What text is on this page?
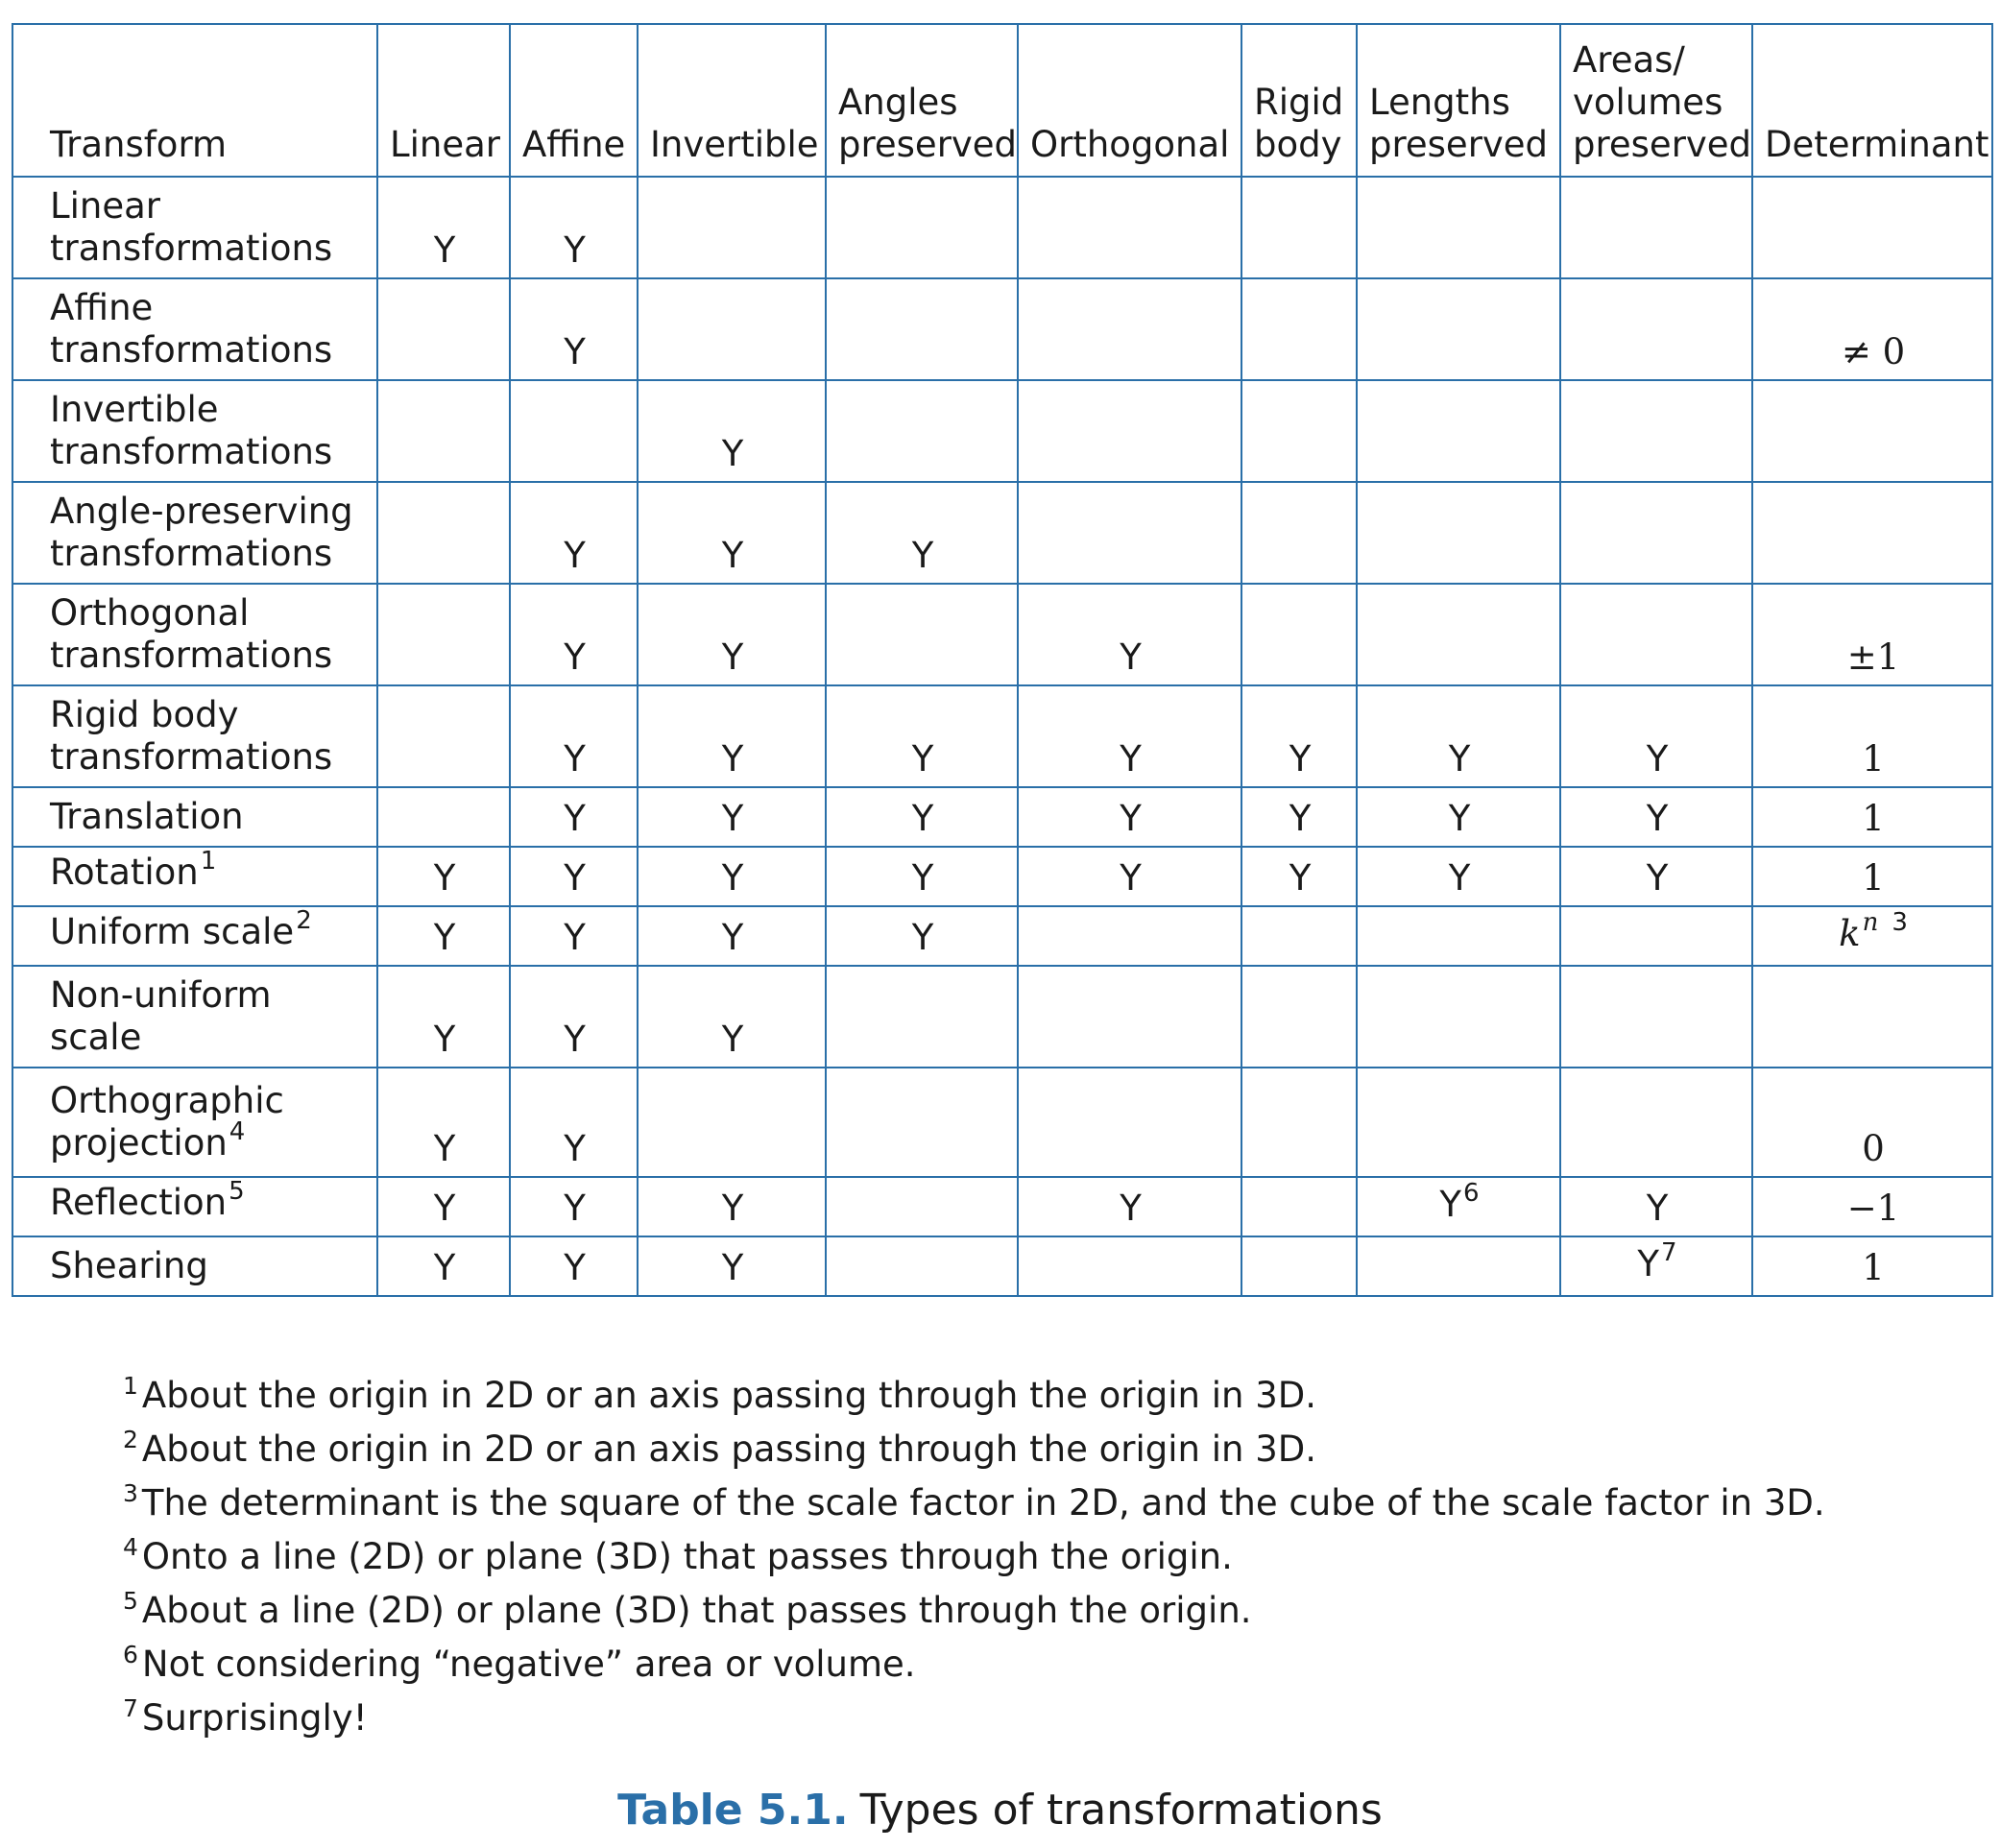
Transform	Linear	Affine	Invertible	Angles preserved	Orthogonal	Rigid body	Lengths preserved	Areas/ volumes preserved	Determinant
Linear transformations	Y	Y							
Affine transformations		Y							≠ 0
Invertible transformations			Y						
Angle-preserving transformations		Y	Y	Y					
Orthogonal transformations		Y	Y		Y				±1
Rigid body transformations		Y	Y	Y	Y	Y	Y	Y	1
Translation		Y	Y	Y	Y	Y	Y	Y	1
Rotation$^1$	Y	Y	Y	Y	Y	Y	Y	Y	1
Uniform scale$^2$	Y	Y	Y	Y					$k^n$ $^3$
Non-uniform scale	Y	Y	Y						
Orthographic projection$^4$	Y	Y							0
Reflection$^5$	Y	Y	Y		Y		$Y^6$	Y	−1
Shearing	Y	Y	Y					$Y^7$	1
$^1$ About the origin in 2D or an axis passing through the origin in 3D.
$^2$ About the origin in 2D or an axis passing through the origin in 3D.
$^3$ The determinant is the square of the scale factor in 2D, and the cube of the scale factor in 3D.
$^4$ Onto a line (2D) or plane (3D) that passes through the origin.
$^5$ About a line (2D) or plane (3D) that passes through the origin.
$^6$ Not considering “negative” area or volume.
$^7$ Surprisingly!
Table 5.1. Types of transformations
